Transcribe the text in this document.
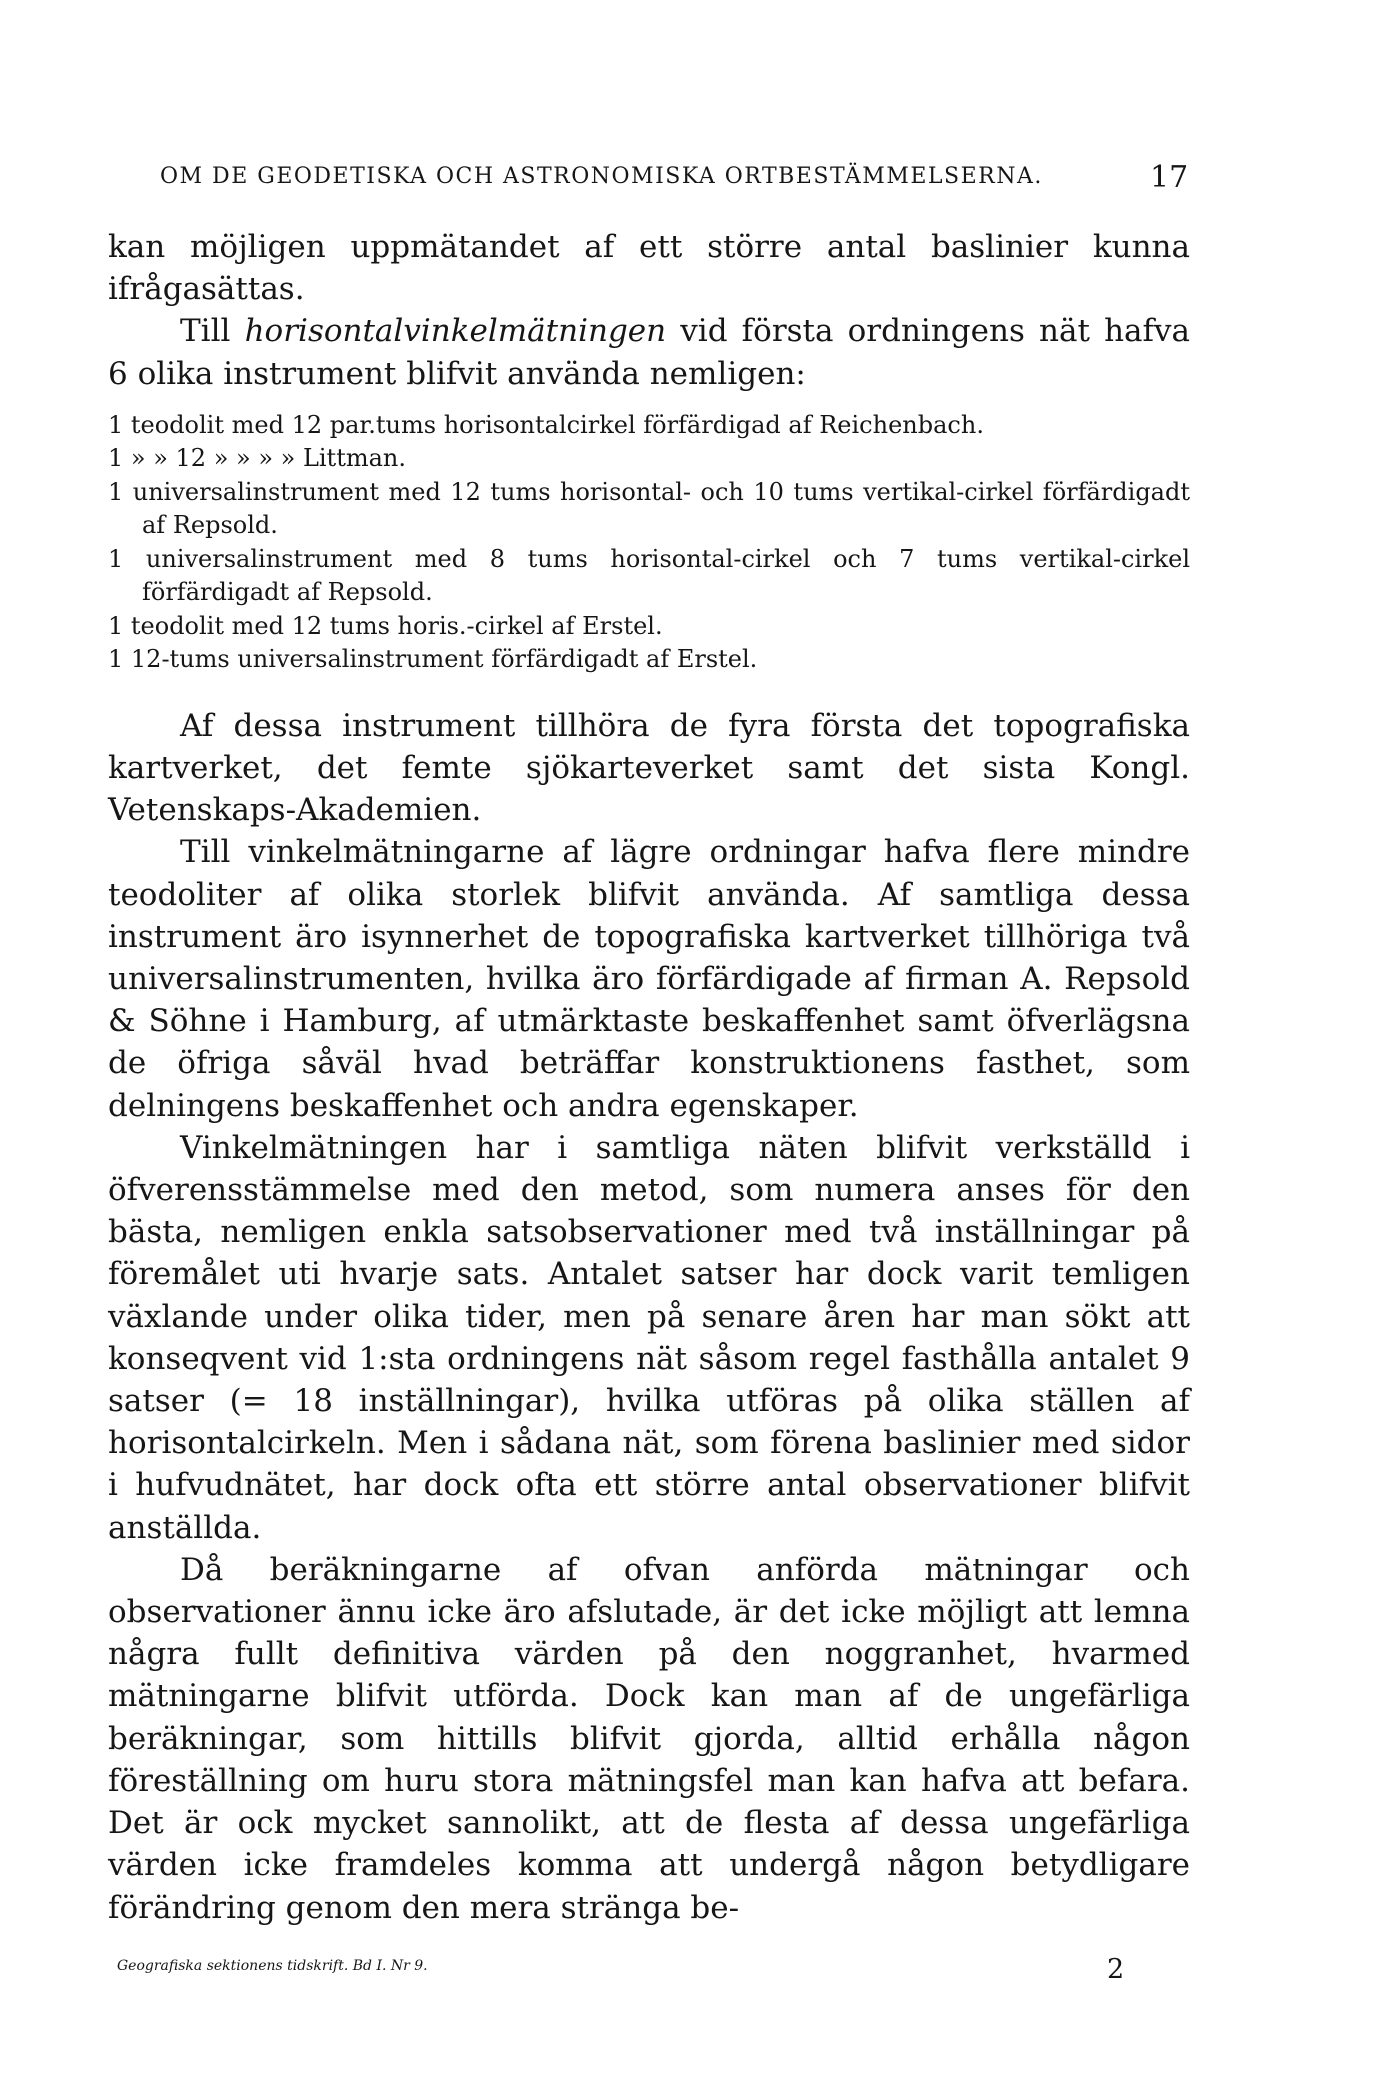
OM DE GEODETISKA OCH ASTRONOMISKA ORTBESTÄMMELSERNA.	17

kan möjligen uppmätandet af ett större antal baslinier kunna ifrågasättas.

Till horisontalvinkelmätningen vid första ordningens nät hafva 6 olika instrument blifvit använda nemligen:

1 teodolit med 12 par.tums horisontalcirkel förfärdigad af Reichenbach.

1 » » 12 » » » » Littman.

1 universalinstrument med 12 tums horisontal- och 10 tums vertikal-cirkel förfärdigadt af Repsold.

1 universalinstrument med 8 tums horisontal-cirkel och 7 tums vertikal-cirkel förfärdigadt af Repsold.

1 teodolit med 12 tums horis.-cirkel af Erstel.

1 12-tums universalinstrument förfärdigadt af Erstel.

Af dessa instrument tillhöra de fyra första det topografiska kartverket, det femte sjökarteverket samt det sista Kongl. Vetenskaps-Akademien.

Till vinkelmätningarne af lägre ordningar hafva flere mindre teodoliter af olika storlek blifvit använda. Af samtliga dessa instrument äro isynnerhet de topografiska kartverket tillhöriga två universalinstrumenten, hvilka äro förfärdigade af firman A. Repsold & Söhne i Hamburg, af utmärktaste beskaffenhet samt öfverlägsna de öfriga såväl hvad beträffar konstruktionens fasthet, som delningens beskaffenhet och andra egenskaper.

Vinkelmätningen har i samtliga näten blifvit verkställd i öfverensstämmelse med den metod, som numera anses för den bästa, nemligen enkla satsobservationer med två inställningar på föremålet uti hvarje sats. Antalet satser har dock varit temligen växlande under olika tider, men på senare åren har man sökt att konseqvent vid 1:sta ordningens nät såsom regel fasthålla antalet 9 satser (= 18 inställningar), hvilka utföras på olika ställen af horisontalcirkeln. Men i sådana nät, som förena baslinier med sidor i hufvudnätet, har dock ofta ett större antal observationer blifvit anställda.

Då beräkningarne af ofvan anförda mätningar och observationer ännu icke äro afslutade, är det icke möjligt att lemna några fullt definitiva värden på den noggranhet, hvarmed mätningarne blifvit utförda. Dock kan man af de ungefärliga beräkningar, som hittills blifvit gjorda, alltid erhålla någon föreställning om huru stora mätningsfel man kan hafva att befara. Det är ock mycket sannolikt, att de flesta af dessa ungefärliga värden icke framdeles komma att undergå någon betydligare förändring genom den mera stränga be-

Geografiska sektionens tidskrift. Bd I. Nr 9.	2
